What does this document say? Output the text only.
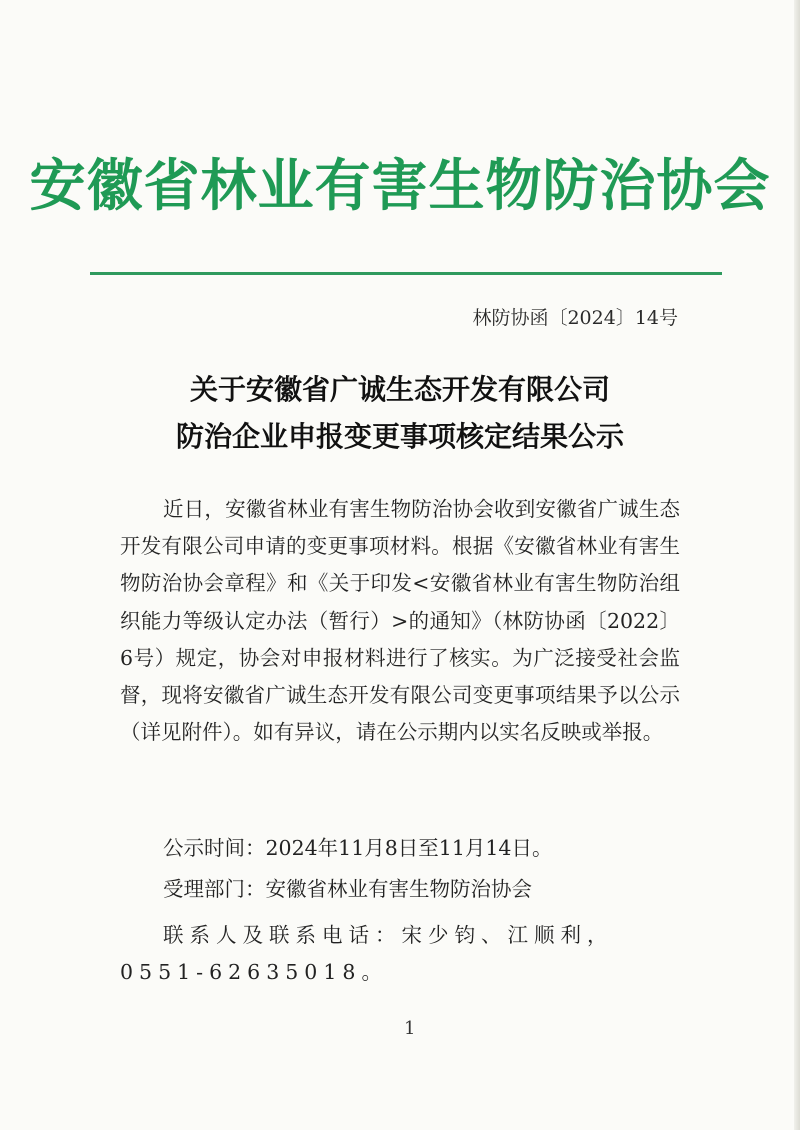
安徽省林业有害生物防治协会
林防协函〔2024〕14号
关于安徽省广诚生态开发有限公司
防治企业申报变更事项核定结果公示

近日，安徽省林业有害生物防治协会收到安徽省广诚生态开发有限公司申请的变更事项材料。根据《安徽省林业有害生物防治协会章程》和《关于印发<安徽省林业有害生物防治组织能力等级认定办法（暂行）>的通知》（林防协函〔2022〕6号）规定，协会对申报材料进行了核实。为广泛接受社会监督，现将安徽省广诚生态开发有限公司变更事项结果予以公示（详见附件）。如有异议，请在公示期内以实名反映或举报。

公示时间：2024年11月8日至11月14日。
受理部门：安徽省林业有害生物防治协会

联系人及联系电话：宋少钧、江顺利，0551-62635018。

1
